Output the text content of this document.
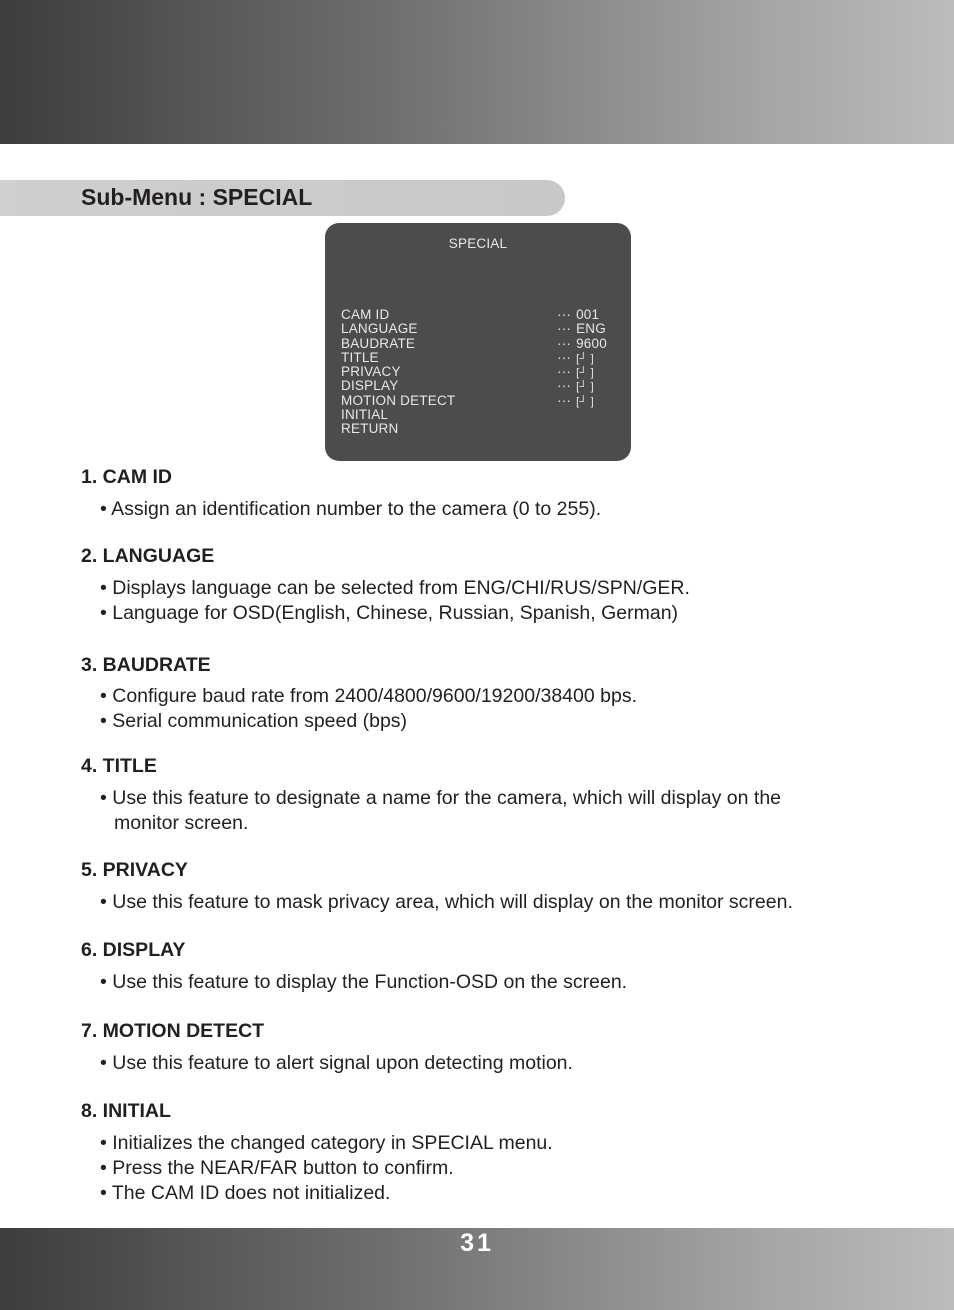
Sub-Menu : SPECIAL
SPECIAL
CAM ID
LANGUAGE
BAUDRATE
TITLE
PRIVACY
DISPLAY
MOTION DETECT
INITIAL
RETURN
··· 001
··· ENG
··· 9600
··· [┘ ]
··· [┘ ]
··· [┘ ]
··· [┘ ]
1. CAM ID

• Assign an identification number to the camera (0 to 255).

2. LANGUAGE

• Displays language can be selected from ENG/CHI/RUS/SPN/GER.

• Language for OSD(English, Chinese, Russian, Spanish, German)

3. BAUDRATE

• Configure baud rate from 2400/4800/9600/19200/38400 bps.

• Serial communication speed (bps)

4. TITLE

• Use this feature to designate a name for the camera, which will display on the

monitor screen.

5. PRIVACY

• Use this feature to mask privacy area, which will display on the monitor screen.

6. DISPLAY

• Use this feature to display the Function-OSD on the screen.

7. MOTION DETECT

• Use this feature to alert signal upon detecting motion.

8. INITIAL

• Initializes the changed category in SPECIAL menu.

• Press the NEAR/FAR button to confirm.

• The CAM ID does not initialized.

31
